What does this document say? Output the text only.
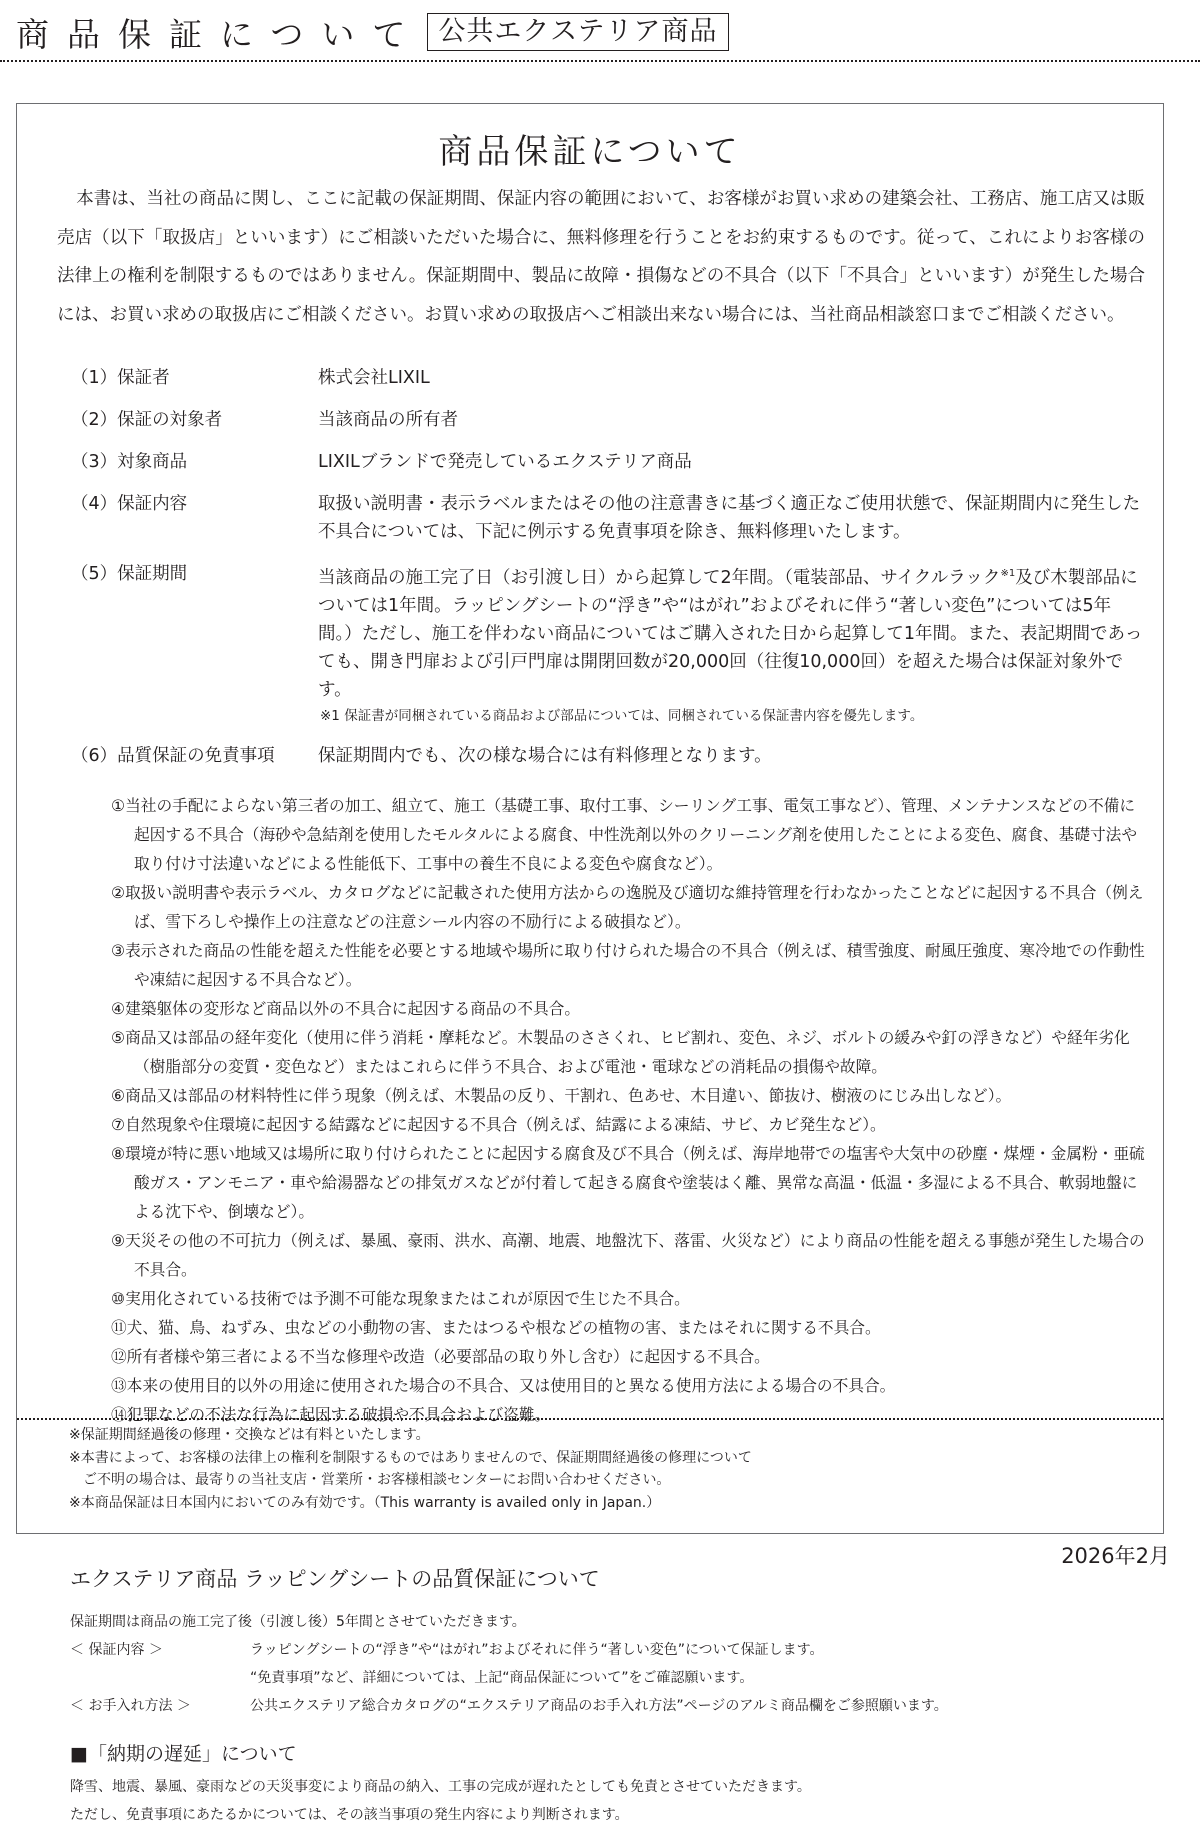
商品保証について 公共エクステリア商品
商品保証について

本書は、当社の商品に関し、ここに記載の保証期間、保証内容の範囲において、お客様がお買い求めの建築会社、工務店、施工店又は販売店（以下「取扱店」といいます）にご相談いただいた場合に、無料修理を行うことをお約束するものです。従って、これによりお客様の法律上の権利を制限するものではありません。保証期間中、製品に故障・損傷などの不具合（以下「不具合」といいます）が発生した場合には、お買い求めの取扱店にご相談ください。お買い求めの取扱店へご相談出来ない場合には、当社商品相談窓口までご相談ください。

（1）保証者	株式会社LIXIL
（2）保証の対象者	当該商品の所有者
（3）対象商品	LIXILブランドで発売しているエクステリア商品
（4）保証内容	取扱い説明書・表示ラベルまたはその他の注意書きに基づく適正なご使用状態で、保証期間内に発生した不具合については、下記に例示する免責事項を除き、無料修理いたします。
（5）保証期間	当該商品の施工完了日（お引渡し日）から起算して2年間。（電装部品、サイクルラック$^{※1}$及び木製部品については1年間。ラッピングシートの“浮き”や“はがれ”およびそれに伴う“著しい変色”については5年間。）ただし、施工を伴わない商品についてはご購入された日から起算して1年間。また、表記期間であっても、開き門扉および引戸門扉は開閉回数が20,000回（往復10,000回）を超えた場合は保証対象外です。
※1 保証書が同梱されている商品および部品については、同梱されている保証書内容を優先します。
（6）品質保証の免責事項 保証期間内でも、次の様な場合には有料修理となります。
①当社の手配によらない第三者の加工、組立て、施工（基礎工事、取付工事、シーリング工事、電気工事など）、管理、メンテナンスなどの不備に起因する不具合（海砂や急結剤を使用したモルタルによる腐食、中性洗剤以外のクリーニング剤を使用したことによる変色、腐食、基礎寸法や取り付け寸法違いなどによる性能低下、工事中の養生不良による変色や腐食など）。
②取扱い説明書や表示ラベル、カタログなどに記載された使用方法からの逸脱及び適切な維持管理を行わなかったことなどに起因する不具合（例えば、雪下ろしや操作上の注意などの注意シール内容の不励行による破損など）。
③表示された商品の性能を超えた性能を必要とする地域や場所に取り付けられた場合の不具合（例えば、積雪強度、耐風圧強度、寒冷地での作動性や凍結に起因する不具合など）。
④建築躯体の変形など商品以外の不具合に起因する商品の不具合。
⑤商品又は部品の経年変化（使用に伴う消耗・摩耗など。木製品のささくれ、ヒビ割れ、変色、ネジ、ボルトの緩みや釘の浮きなど）や経年劣化（樹脂部分の変質・変色など）またはこれらに伴う不具合、および電池・電球などの消耗品の損傷や故障。
⑥商品又は部品の材料特性に伴う現象（例えば、木製品の反り、干割れ、色あせ、木目違い、節抜け、樹液のにじみ出しなど）。
⑦自然現象や住環境に起因する結露などに起因する不具合（例えば、結露による凍結、サビ、カビ発生など）。
⑧環境が特に悪い地域又は場所に取り付けられたことに起因する腐食及び不具合（例えば、海岸地帯での塩害や大気中の砂塵・煤煙・金属粉・亜硫酸ガス・アンモニア・車や給湯器などの排気ガスなどが付着して起きる腐食や塗装はく離、異常な高温・低温・多湿による不具合、軟弱地盤による沈下や、倒壊など）。
⑨天災その他の不可抗力（例えば、暴風、豪雨、洪水、高潮、地震、地盤沈下、落雷、火災など）により商品の性能を超える事態が発生した場合の不具合。
⑩実用化されている技術では予測不可能な現象またはこれが原因で生じた不具合。
⑪犬、猫、鳥、ねずみ、虫などの小動物の害、またはつるや根などの植物の害、またはそれに関する不具合。
⑫所有者様や第三者による不当な修理や改造（必要部品の取り外し含む）に起因する不具合。
⑬本来の使用目的以外の用途に使用された場合の不具合、又は使用目的と異なる使用方法による場合の不具合。
⑭犯罪などの不法な行為に起因する破損や不具合および盗難。
※保証期間経過後の修理・交換などは有料といたします。
※本書によって、お客様の法律上の権利を制限するものではありませんので、保証期間経過後の修理について
　ご不明の場合は、最寄りの当社支店・営業所・お客様相談センターにお問い合わせください。
※本商品保証は日本国内においてのみ有効です。（This warranty is availed only in Japan.）
2026年2月
エクステリア商品 ラッピングシートの品質保証について
保証期間は商品の施工完了後（引渡し後）5年間とさせていただきます。
＜ 保証内容 ＞	ラッピングシートの“浮き”や“はがれ”およびそれに伴う“著しい変色”について保証します。
“免責事項”など、詳細については、上記“商品保証について”をご確認願います。
＜ お手入れ方法 ＞	公共エクステリア総合カタログの“エクステリア商品のお手入れ方法”ページのアルミ商品欄をご参照願います。
■「納期の遅延」について
降雪、地震、暴風、豪雨などの天災事変により商品の納入、工事の完成が遅れたとしても免責とさせていただきます。
ただし、免責事項にあたるかについては、その該当事項の発生内容により判断されます。
